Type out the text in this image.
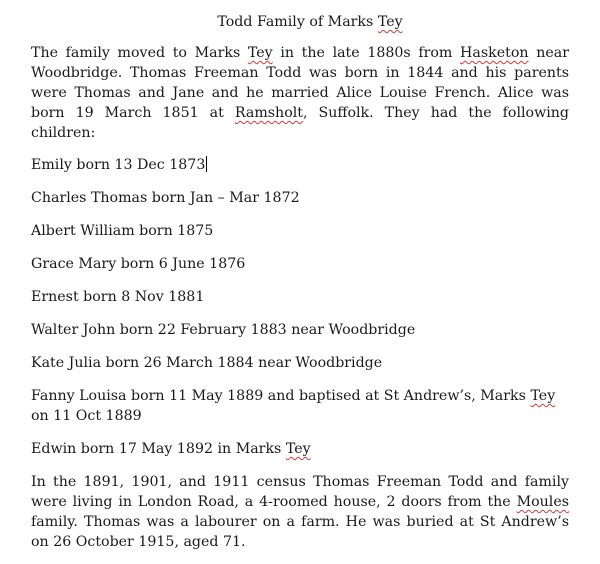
Todd Family of Marks Tey

The family moved to Marks Tey in the late 1880s from Hasketon near Woodbridge. Thomas Freeman Todd was born in 1844 and his parents were Thomas and Jane and he married Alice Louise French. Alice was born 19 March 1851 at Ramsholt, Suffolk. They had the following children:

Emily born 13 Dec 1873

Charles Thomas born Jan – Mar 1872

Albert William born 1875

Grace Mary born 6 June 1876

Ernest born 8 Nov 1881

Walter John born 22 February 1883 near Woodbridge

Kate Julia born 26 March 1884 near Woodbridge

Fanny Louisa born 11 May 1889 and baptised at St Andrew’s, Marks Tey on 11 Oct 1889

Edwin born 17 May 1892 in Marks Tey

In the 1891, 1901, and 1911 census Thomas Freeman Todd and family were living in London Road, a 4-roomed house, 2 doors from the Moules family. Thomas was a labourer on a farm. He was buried at St Andrew’s on 26 October 1915, aged 71.
